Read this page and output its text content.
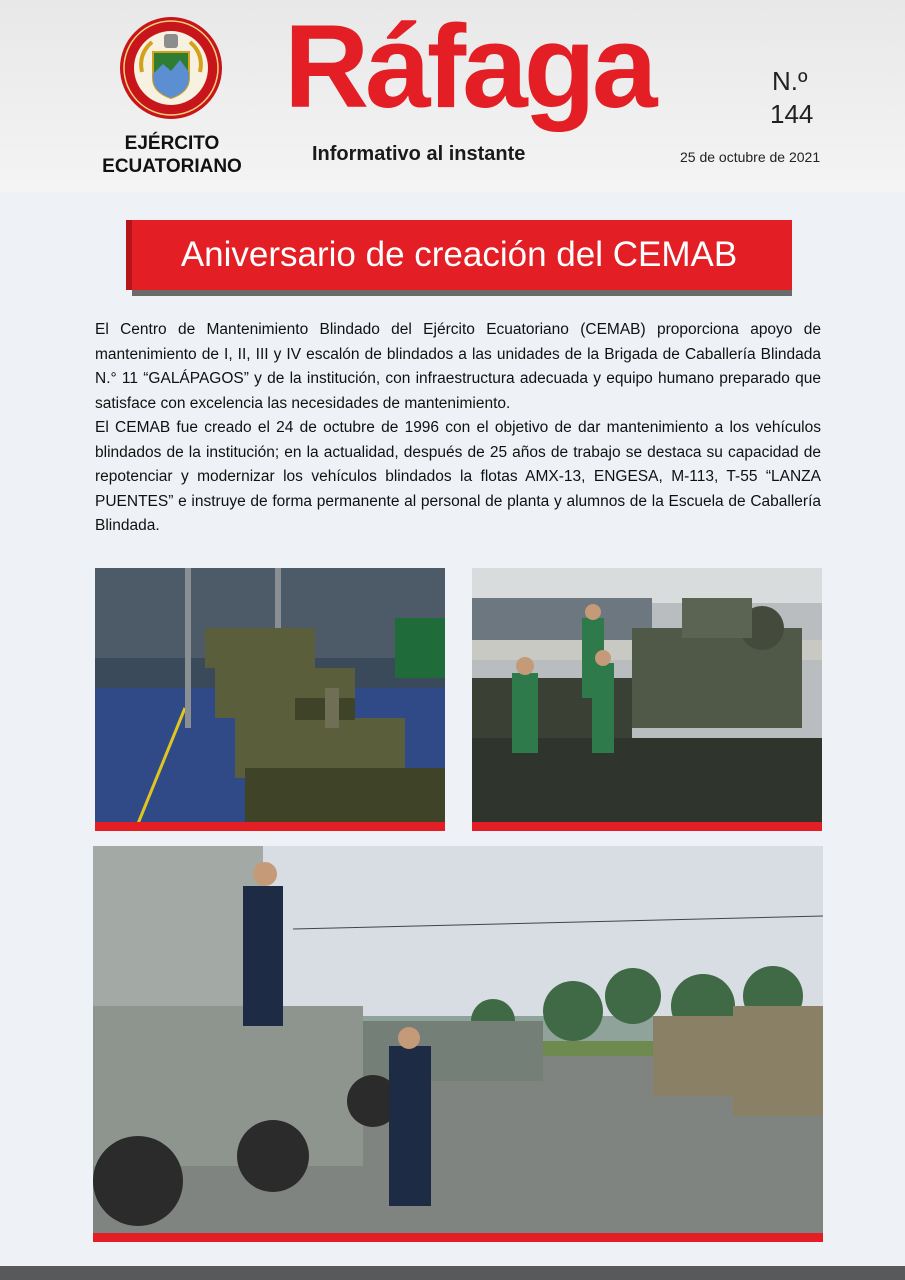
EJÉRCITO
ECUATORIANO
Ráfaga
Informativo al instante
N.º
144
25 de octubre de 2021
Aniversario de creación del CEMAB

El Centro de Mantenimiento Blindado del Ejército Ecuatoriano (CEMAB) proporciona apoyo de mantenimiento de I, II, III y IV escalón de blindados a las unidades de la Brigada de Caballería Blindada N.° 11 “GALÁPAGOS” y de la institución, con infraestructura adecuada y equipo humano preparado que satisface con excelencia las necesidades de mantenimiento.

El CEMAB fue creado el 24 de octubre de 1996 con el objetivo de dar mantenimiento a los vehículos blindados de la institución; en la actualidad, después de 25 años de trabajo se destaca su capacidad de repotenciar y modernizar los vehículos blindados la flotas AMX-13, ENGESA, M-113, T-55 “LANZA PUENTES” e instruye de forma permanente al personal de planta y alumnos de la Escuela de Caballería Blindada.
